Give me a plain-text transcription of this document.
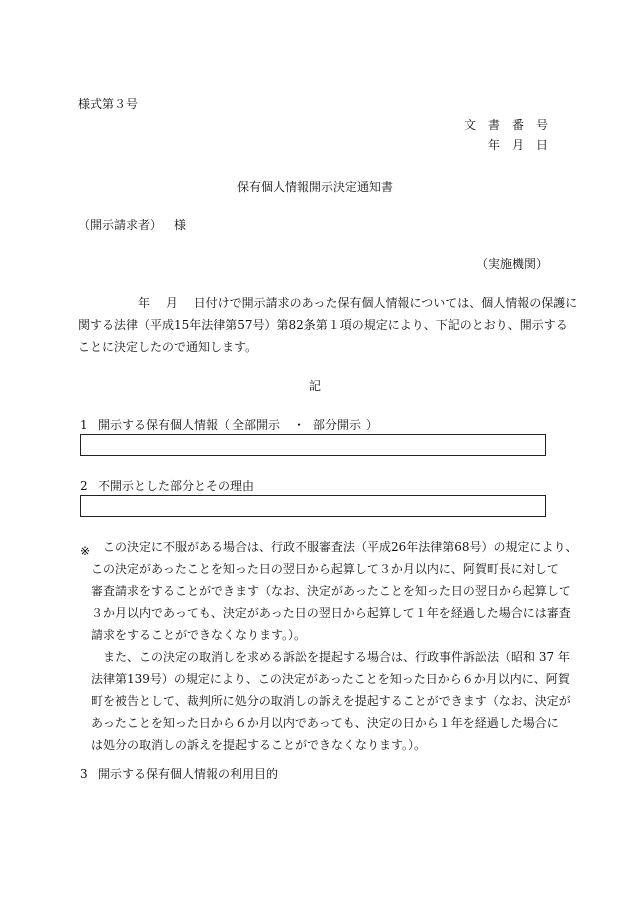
様式第３号
文　書　番　号
年　月　日
保有個人情報開示決定通知書
（開示請求者） 様
（実施機関）
　　　　　年　 月　 日付けで開示請求のあった保有個人情報については、個人情報の保護に
関する法律（平成15年法律第57号）第82条第１項の規定により、下記のとおり、開示する
ことに決定したので通知します。
記
1 開示する保有個人情報（ 全部開示 ・ 部分開示 ）
2 不開示とした部分とその理由
※	この決定に不服がある場合は、行政不服審査法（平成26年法律第68号）の規定により、
この決定があったことを知った日の翌日から起算して３か月以内に、阿賀町長に対して
審査請求をすることができます（なお、決定があったことを知った日の翌日から起算して
３か月以内であっても、決定があった日の翌日から起算して１年を経過した場合には審査
請求をすることができなくなります。）。
また、この決定の取消しを求める訴訟を提起する場合は、行政事件訴訟法（昭和 37 年
法律第139号）の規定により、この決定があったことを知った日から６か月以内に、阿賀
町を被告として、裁判所に処分の取消しの訴えを提起することができます（なお、決定が
あったことを知った日から６か月以内であっても、決定の日から１年を経過した場合に
は処分の取消しの訴えを提起することができなくなります。）。
3 開示する保有個人情報の利用目的
